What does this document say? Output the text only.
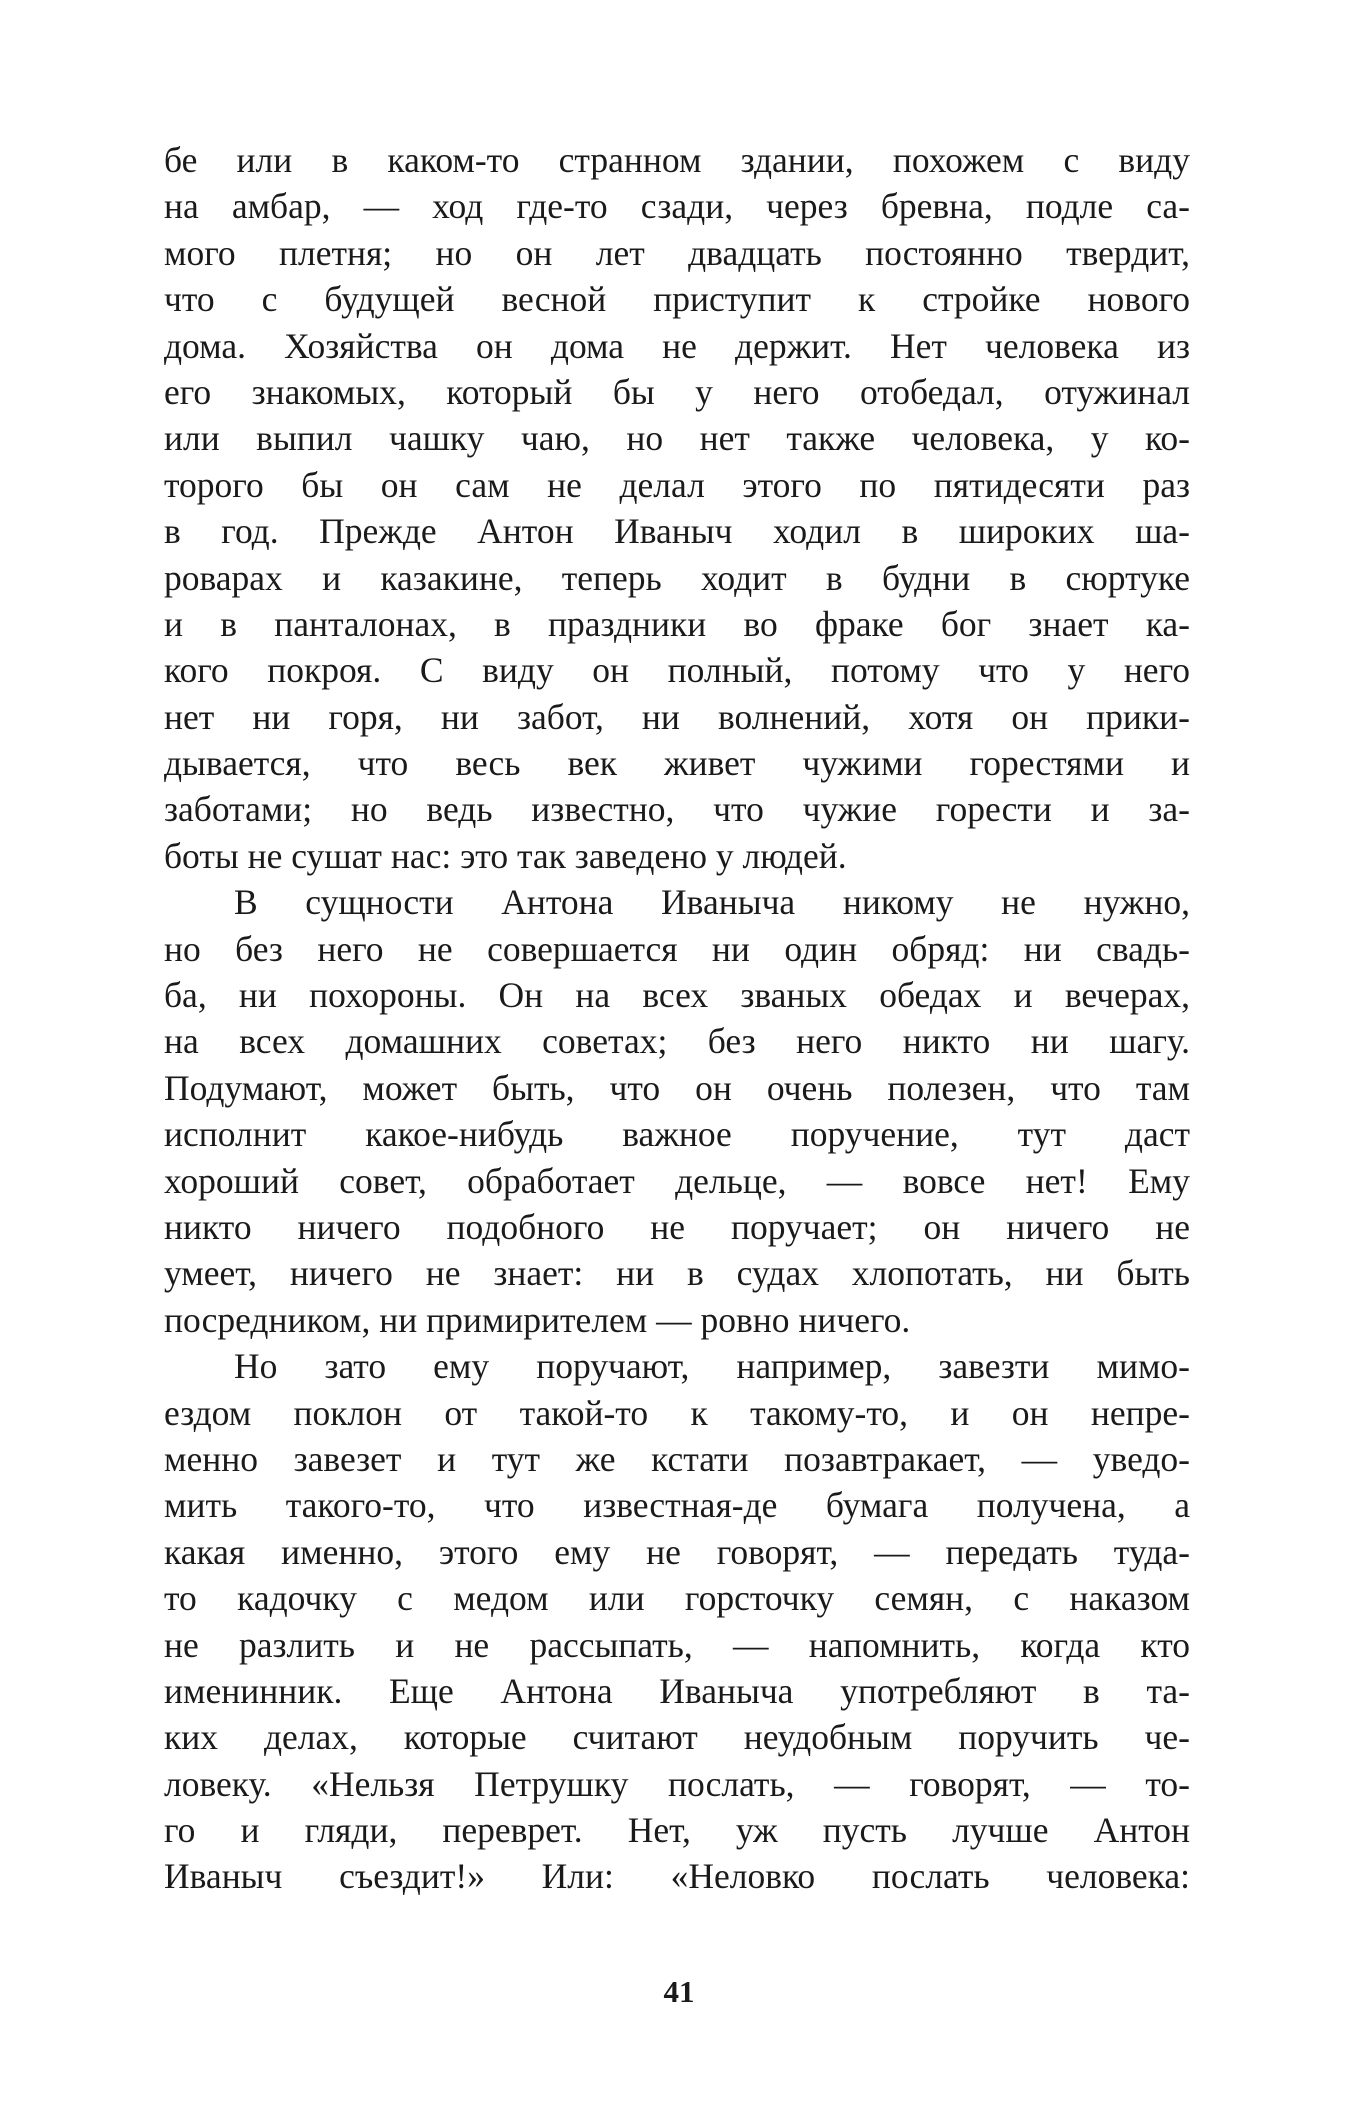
бе или в каком-то странном здании, похожем с виду
на амбар, — ход где-то сзади, через бревна, подле са-
мого плетня; но он лет двадцать постоянно твердит,
что с будущей весной приступит к стройке нового
дома. Хозяйства он дома не держит. Нет человека из
его знакомых, который бы у него отобедал, отужинал
или выпил чашку чаю, но нет также человека, у ко-
торого бы он сам не делал этого по пятидесяти раз
в год. Прежде Антон Иваныч ходил в широких ша-
роварах и казакине, теперь ходит в будни в сюртуке
и в панталонах, в праздники во фраке бог знает ка-
кого покроя. С виду он полный, потому что у него
нет ни горя, ни забот, ни волнений, хотя он прики-
дывается, что весь век живет чужими горестями и
заботами; но ведь известно, что чужие горести и за-
боты не сушат нас: это так заведено у людей.
В сущности Антона Иваныча никому не нужно,
но без него не совершается ни один обряд: ни свадь-
ба, ни похороны. Он на всех званых обедах и вечерах,
на всех домашних советах; без него никто ни шагу.
Подумают, может быть, что он очень полезен, что там
исполнит какое-нибудь важное поручение, тут даст
хороший совет, обработает дельце, — вовсе нет! Ему
никто ничего подобного не поручает; он ничего не
умеет, ничего не знает: ни в судах хлопотать, ни быть
посредником, ни примирителем — ровно ничего.
Но зато ему поручают, например, завезти мимо-
ездом поклон от такой-то к такому-то, и он непре-
менно завезет и тут же кстати позавтракает, — уведо-
мить такого-то, что известная-де бумага получена, а
какая именно, этого ему не говорят, — передать туда-
то кадочку с медом или горсточку семян, с наказом
не разлить и не рассыпать, — напомнить, когда кто
именинник. Еще Антона Иваныча употребляют в та-
ких делах, которые считают неудобным поручить че-
ловеку. «Нельзя Петрушку послать, — говорят, — то-
го и гляди, переврет. Нет, уж пусть лучше Антон
Иваныч съездит!» Или: «Неловко послать человека:
41
